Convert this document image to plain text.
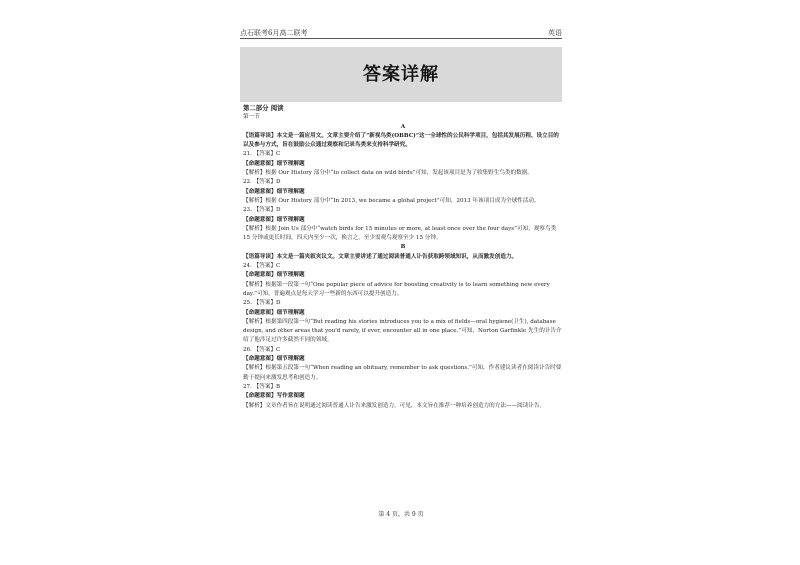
点石联考6月高二联考	英语
答案详解
第二部分 阅读
第一节
A
【语篇导读】本文是一篇应用文。文章主要介绍了“新视鸟类(OBBC)”这一全球性的公民科学项目，包括其发展历程、设立目的以及参与方式，旨在鼓励公众通过观察和记录鸟类来支持科学研究。
21. 【答案】C
【命题意图】细节理解题
【解析】根据 Our History 部分中“to collect data on wild birds”可知，发起该项目是为了收集野生鸟类的数据。
22. 【答案】D
【命题意图】细节理解题
【解析】根据 Our History 部分中“In 2013, we became a global project”可知，2013 年该项目成为全球性活动。
23. 【答案】D
【命题意图】细节理解题
【解析】根据 Join Us 部分中“watch birds for 15 minutes or more, at least once over the four days”可知，观察鸟类 15 分钟或更长时间，四天内至少一次，换言之，至少需观鸟观察至少 15 分钟。
B
【语篇导读】本文是一篇夹叙夹议文。文章主要讲述了通过阅读普通人讣告获取跨领域知识，从而激发创造力。
24. 【答案】C
【命题意图】细节理解题
【解析】根据第一段第一句“One popular piece of advice for boosting creativity is to learn something new every day.”可知，普遍观点是每天学习一些新的东西可以提升创造力。
25. 【答案】D
【命题意图】细节理解题
【解析】根据第四段第一句“But reading his stories introduces you to a mix of fields—oral hygiene(卫生), database design, and other areas that you'd rarely, if ever, encounter all in one place.”可知，Norton Garfinkle 先生的讣告介绍了他涉足过许多截然不同的领域。
26. 【答案】C
【命题意图】细节理解题
【解析】根据第五段第一句“When reading an obituary, remember to ask questions.”可知，作者建议读者在阅读讣告时要勤于提问来激发思考和创造力。
27. 【答案】B
【命题意图】写作意图题
【解析】文章作者旨在说明通过阅读普通人讣告来激发创造力。可见，本文旨在推荐一种培养创造力的方法——阅读讣告。
第 4 页，共 9 页
